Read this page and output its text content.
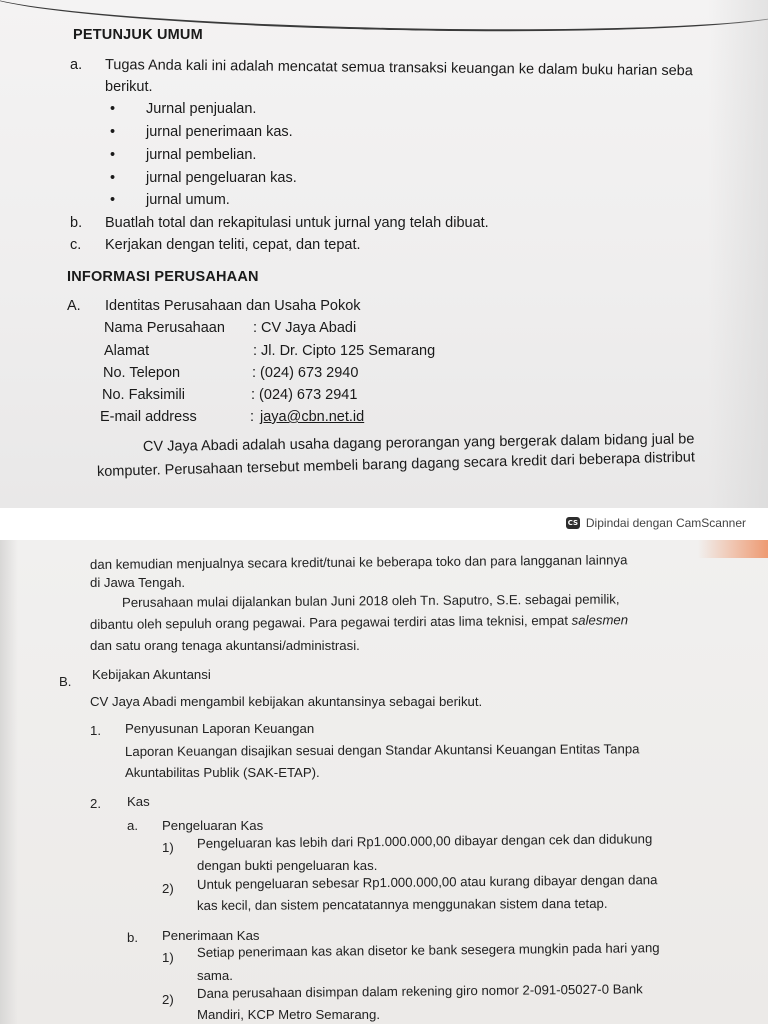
PETUNJUK UMUM
a. Tugas Anda kali ini adalah mencatat semua transaksi keuangan ke dalam buku harian seba
berikut.
• Jurnal penjualan.
• jurnal penerimaan kas.
• jurnal pembelian.
• jurnal pengeluaran kas.
• jurnal umum.
b. Buatlah total dan rekapitulasi untuk jurnal yang telah dibuat.
c. Kerjakan dengan teliti, cepat, dan tepat.
INFORMASI PERUSAHAAN
A. Identitas Perusahaan dan Usaha Pokok
Nama Perusahaan : CV Jaya Abadi
Alamat	: Jl. Dr. Cipto 125 Semarang
No. Telepon	: (024) 673 2940
No. Faksimili	: (024) 673 2941
E-mail address	: jaya@cbn.net.id
CV Jaya Abadi adalah usaha dagang perorangan yang bergerak dalam bidang jual be
komputer. Perusahaan tersebut membeli barang dagang secara kredit dari beberapa distribut
CS Dipindai dengan CamScanner
dan kemudian menjualnya secara kredit/tunai ke beberapa toko dan para langganan lainnya
di Jawa Tengah.
Perusahaan mulai dijalankan bulan Juni 2018 oleh Tn. Saputro, S.E. sebagai pemilik,
dibantu oleh sepuluh orang pegawai. Para pegawai terdiri atas lima teknisi, empat salesmen
dan satu orang tenaga akuntansi/administrasi.
B. Kebijakan Akuntansi
CV Jaya Abadi mengambil kebijakan akuntansinya sebagai berikut.
1. Penyusunan Laporan Keuangan
Laporan Keuangan disajikan sesuai dengan Standar Akuntansi Keuangan Entitas Tanpa
Akuntabilitas Publik (SAK-ETAP).
2. Kas
a. Pengeluaran Kas
1) Pengeluaran kas lebih dari Rp1.000.000,00 dibayar dengan cek dan didukung
dengan bukti pengeluaran kas.
2) Untuk pengeluaran sebesar Rp1.000.000,00 atau kurang dibayar dengan dana
kas kecil, dan sistem pencatatannya menggunakan sistem dana tetap.
b. Penerimaan Kas
1) Setiap penerimaan kas akan disetor ke bank sesegera mungkin pada hari yang
sama.
2) Dana perusahaan disimpan dalam rekening giro nomor 2-091-05027-0 Bank
Mandiri, KCP Metro Semarang.
